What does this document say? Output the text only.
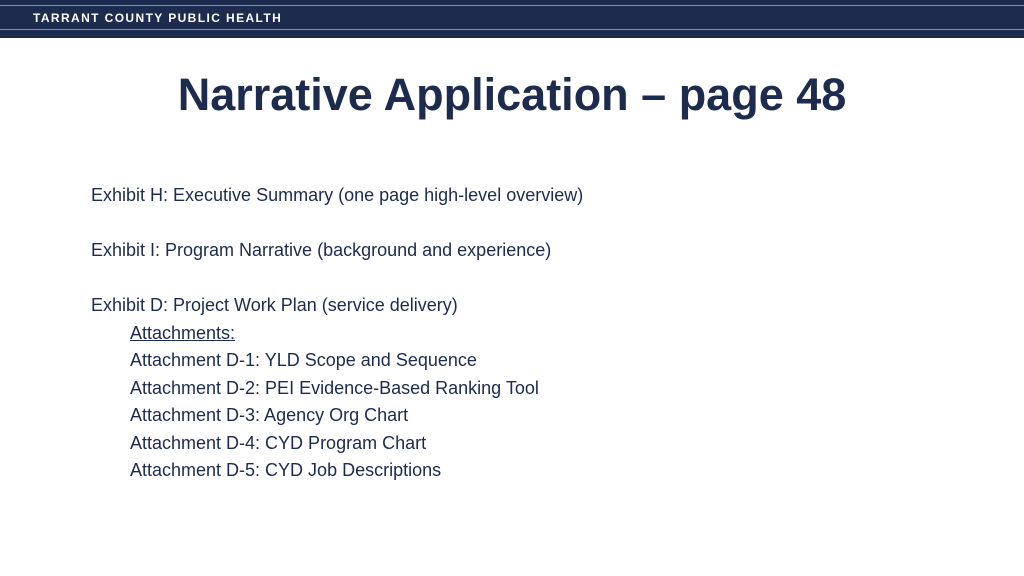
TARRANT COUNTY PUBLIC HEALTH
Narrative Application – page 48
Exhibit H: Executive Summary (one page high-level overview)
Exhibit I: Program Narrative (background and experience)
Exhibit D: Project Work Plan (service delivery)
Attachments:
Attachment D-1: YLD Scope and Sequence
Attachment D-2: PEI Evidence-Based Ranking Tool
Attachment D-3: Agency Org Chart
Attachment D-4: CYD Program Chart
Attachment D-5: CYD Job Descriptions
